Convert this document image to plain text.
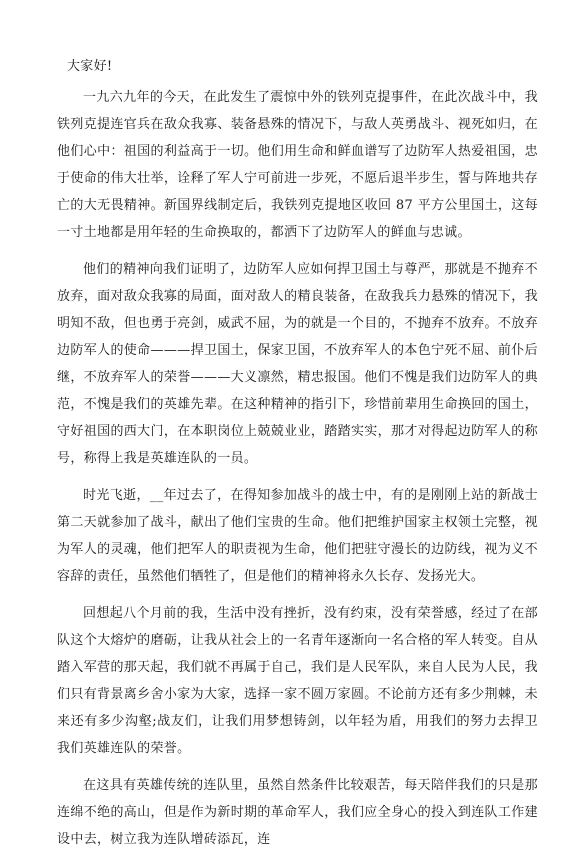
大家好!

一九六九年的今天，在此发生了震惊中外的铁列克提事件，在此次战斗中，我铁列克提连官兵在敌众我寡、装备悬殊的情况下，与敌人英勇战斗、视死如归，在他们心中：祖国的利益高于一切。他们用生命和鲜血谱写了边防军人热爱祖国，忠于使命的伟大壮举，诠释了军人宁可前进一步死，不愿后退半步生，誓与阵地共存亡的大无畏精神。新国界线制定后，我铁列克提地区收回 87 平方公里国土，这每一寸土地都是用年轻的生命换取的，都洒下了边防军人的鲜血与忠诚。

他们的精神向我们证明了，边防军人应如何捍卫国土与尊严，那就是不抛弃不放弃，面对敌众我寡的局面，面对敌人的精良装备，在敌我兵力悬殊的情况下，我明知不敌，但也勇于亮剑，威武不屈，为的就是一个目的，不抛弃不放弃。不放弃边防军人的使命———捍卫国土，保家卫国，不放弃军人的本色宁死不屈、前仆后继，不放弃军人的荣誉———大义凛然，精忠报国。他们不愧是我们边防军人的典范，不愧是我们的英雄先辈。在这种精神的指引下，珍惜前辈用生命换回的国土，守好祖国的西大门，在本职岗位上兢兢业业，踏踏实实，那才对得起边防军人的称号，称得上我是英雄连队的一员。

时光飞逝，__年过去了，在得知参加战斗的战士中，有的是刚刚上站的新战士第二天就参加了战斗，献出了他们宝贵的生命。他们把维护国家主权领土完整，视为军人的灵魂，他们把军人的职责视为生命，他们把驻守漫长的边防线，视为义不容辞的责任，虽然他们牺牲了，但是他们的精神将永久长存、发扬光大。

回想起八个月前的我，生活中没有挫折，没有约束，没有荣誉感，经过了在部队这个大熔炉的磨砺，让我从社会上的一名青年逐渐向一名合格的军人转变。自从踏入军营的那天起，我们就不再属于自己，我们是人民军队，来自人民为人民，我们只有背景离乡舍小家为大家，选择一家不圆万家圆。不论前方还有多少荆棘，未来还有多少沟壑;战友们，让我们用梦想铸剑，以年轻为盾，用我们的努力去捍卫我们英雄连队的荣誉。

在这具有英雄传统的连队里，虽然自然条件比较艰苦，每天陪伴我们的只是那连绵不绝的高山，但是作为新时期的革命军人，我们应全身心的投入到连队工作建设中去，树立我为连队增砖添瓦，连
